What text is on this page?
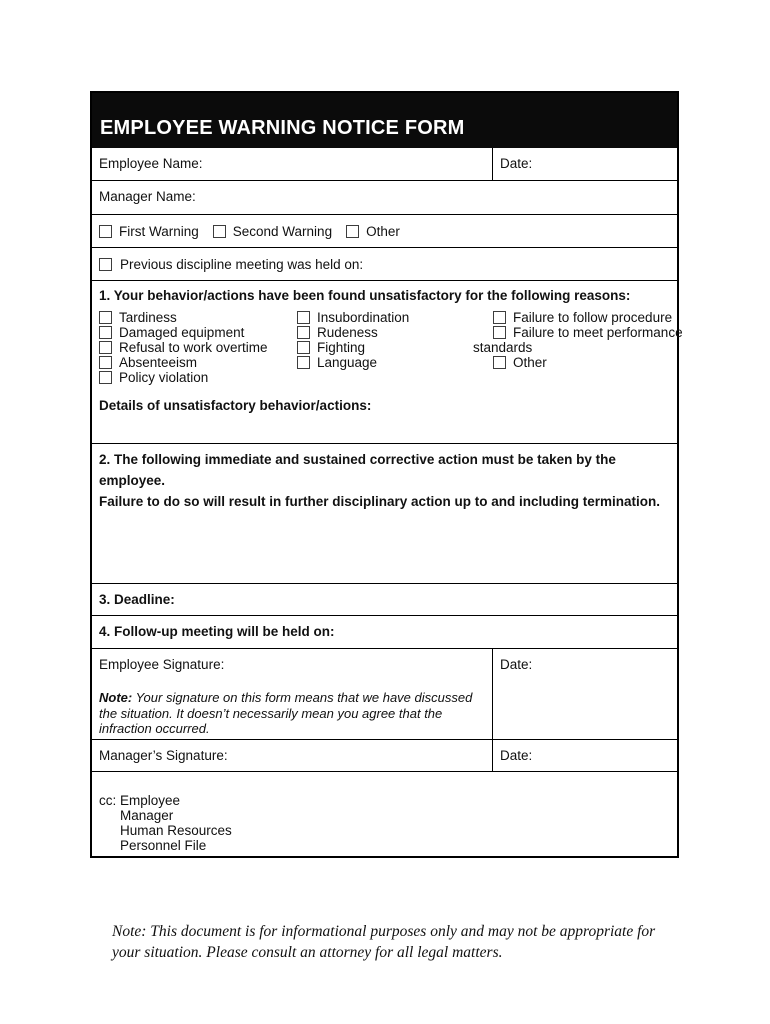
EMPLOYEE WARNING NOTICE FORM
Employee Name:	Date:
Manager Name:
First Warning	Second Warning	Other
Previous discipline meeting was held on:
1. Your behavior/actions have been found unsatisfactory for the following reasons:
Tardiness
Damaged equipment
Refusal to work overtime
Absenteeism
Policy violation
Insubordination
Rudeness
Fighting
Language
Failure to follow procedure
Failure to meet performance
standards
Other
Details of unsatisfactory behavior/actions:
2. The following immediate and sustained corrective action must be taken by the employee.
Failure to do so will result in further disciplinary action up to and including termination.
3. Deadline:
4. Follow-up meeting will be held on:
Employee Signature:

Note: Your signature on this form means that we have discussed the situation. It doesn’t necessarily mean you agree that the infraction occurred.

Date:
Manager’s Signature:	Date:
cc: Employee
Manager
Human Resources
Personnel File
Note: This document is for informational purposes only and may not be appropriate for your situation. Please consult an attorney for all legal matters.
